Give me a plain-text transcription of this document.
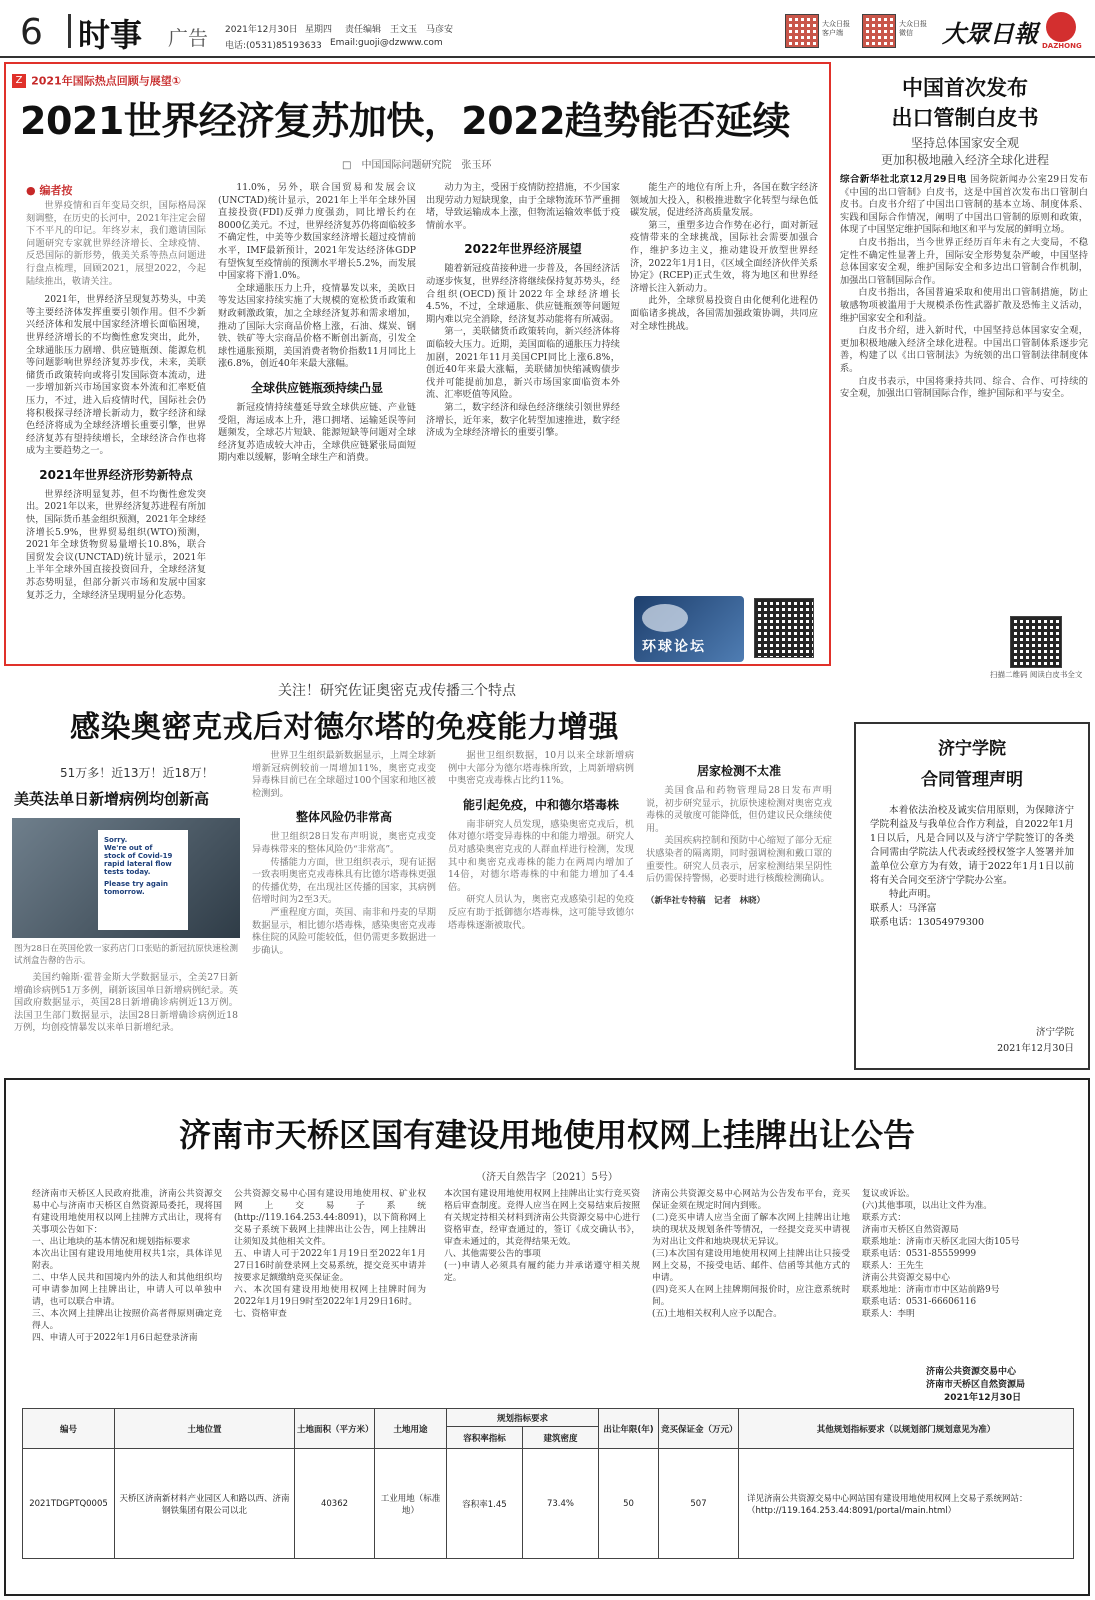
6 时事 广告 2021年12月30日 星期四 责任编辑　王文玉　马彦安
电话:(0531)85193633 Email:guoji@dzwww.com
大众日报 客户端
大众日报 微信	大眾日報 DAZHONG
Z 2021年国际热点回顾与展望①
2021世界经济复苏加快，2022趋势能否延续
□　中国国际问题研究院　张玉环
● 编者按
世界疫情和百年变局交织，国际格局深刻调整，在历史的长河中，2021年注定会留下不平凡的印记。年终岁末，我们邀请国际问题研究专家就世界经济增长、全球疫情、反恐国际的新形势，俄美关系等热点问题进行盘点梳理，回顾2021，展望2022，今起陆续推出，敬请关注。

2021年，世界经济呈现复苏势头，中美等主要经济体发挥重要引领作用。但不少新兴经济体和发展中国家经济增长面临困境，世界经济增长的不均衡性愈发突出，此外，全球通胀压力剧增、供应链瓶颈、能源危机等问题影响世界经济复苏步伐，未来，美联储货币政策转向或将引发国际资本流动，进一步增加新兴市场国家资本外流和汇率贬值压力，不过，进入后疫情时代，国际社会仍将积极探寻经济增长新动力，数字经济和绿色经济将成为全球经济增长重要引擎，世界经济复苏有望持续增长，全球经济合作也将成为主要趋势之一。

2021年世界经济形势新特点

世界经济明显复苏，但不均衡性愈发突出。2021年以来，世界经济复苏进程有所加快，国际货币基金组织预测，2021年全球经济增长5.9%，世界贸易组织(WTO)预测，2021年全球货物贸易量增长10.8%，联合国贸发会议(UNCTAD)统计显示，2021年上半年全球外国直接投资回升，全球经济复苏态势明显，但部分新兴市场和发展中国家复苏乏力，全球经济呈现明显分化态势。

11.0%，另外，联合国贸易和发展会议(UNCTAD)统计显示，2021年上半年全球外国直接投资(FDI)反弹力度强劲，同比增长约在8000亿美元。不过，世界经济复苏仍将面临较多不确定性，中美等少数国家经济增长超过疫情前水平，IMF最新预计，2021年发达经济体GDP有望恢复至疫情前的预测水平增长5.2%，而发展中国家将下滑1.0%。

全球通胀压力上升，疫情暴发以来，美欧日等发达国家持续实施了大规模的宽松货币政策和财政刺激政策，加之全球经济复苏和需求增加，推动了国际大宗商品价格上涨，石油、煤炭、钢铁、铁矿等大宗商品价格不断创出新高，引发全球性通胀预期，美国消费者物价指数11月同比上涨6.8%，创近40年来最大涨幅。

全球供应链瓶颈持续凸显

新冠疫情持续蔓延导致全球供应链、产业链受阻，海运成本上升，港口拥堵、运输延误等问题频发，全球芯片短缺、能源短缺等问题对全球经济复苏造成较大冲击，全球供应链紧张局面短期内难以缓解，影响全球生产和消费。

动力为主，受困于疫情防控措施，不少国家出现劳动力短缺现象，由于全球物流环节严重拥堵，导致运输成本上涨，但物流运输效率低于疫情前水平。

2022年世界经济展望

随着新冠疫苗接种进一步普及，各国经济活动逐步恢复，世界经济将继续保持复苏势头，经合组织(OECD)预计2022年全球经济增长4.5%，不过，全球通胀、供应链瓶颈等问题短期内难以完全消除，经济复苏动能将有所减弱。

第一，美联储货币政策转向，新兴经济体将面临较大压力。近期，美国面临的通胀压力持续加剧，2021年11月美国CPI同比上涨6.8%，创近40年来最大涨幅，美联储加快缩减购债步伐并可能提前加息，新兴市场国家面临资本外流、汇率贬值等风险。

第二，数字经济和绿色经济继续引领世界经济增长，近年来，数字化转型加速推进，数字经济成为全球经济增长的重要引擎。

能生产的地位有所上升，各国在数字经济领域加大投入，积极推进数字化转型与绿色低碳发展，促进经济高质量发展。

第三，重塑多边合作势在必行，面对新冠疫情带来的全球挑战，国际社会需要加强合作，维护多边主义，推动建设开放型世界经济，2022年1月1日，《区域全面经济伙伴关系协定》(RCEP)正式生效，将为地区和世界经济增长注入新动力。

此外，全球贸易投资自由化便利化进程仍面临诸多挑战，各国需加强政策协调，共同应对全球性挑战。

环球论坛
中国首次发布
出口管制白皮书
坚持总体国家安全观
更加积极地融入经济全球化进程
综合新华社北京12月29日电 国务院新闻办公室29日发布《中国的出口管制》白皮书，这是中国首次发布出口管制白皮书。白皮书介绍了中国出口管制的基本立场、制度体系、实践和国际合作情况，阐明了中国出口管制的原则和政策，体现了中国坚定维护国际和地区和平与发展的鲜明立场。

白皮书指出，当今世界正经历百年未有之大变局，不稳定性不确定性显著上升，国际安全形势复杂严峻，中国坚持总体国家安全观，维护国际安全和多边出口管制合作机制，加强出口管制国际合作。

白皮书指出，各国普遍采取和使用出口管制措施，防止敏感物项被滥用于大规模杀伤性武器扩散及恐怖主义活动，维护国家安全和利益。

白皮书介绍，进入新时代，中国坚持总体国家安全观，更加积极地融入经济全球化进程。中国出口管制体系逐步完善，构建了以《出口管制法》为统领的出口管制法律制度体系。

白皮书表示，中国将秉持共同、综合、合作、可持续的安全观，加强出口管制国际合作，维护国际和平与安全。

扫描二维码 阅读白皮书全文
关注！研究佐证奥密克戎传播三个特点
感染奥密克戎后对德尔塔的免疫能力增强
51万多！近13万！近18万！
美英法单日新增病例均创新高
Sorry.
We're out of
stock of Covid-19
rapid lateral flow
tests today.
Please try again
tomorrow.
图为28日在英国伦敦一家药店门口张贴的新冠抗原快速检测试剂盒告罄的告示。

美国约翰斯·霍普金斯大学数据显示，全美27日新增确诊病例51万多例，刷新该国单日新增病例纪录。英国政府数据显示，英国28日新增确诊病例近13万例。法国卫生部门数据显示，法国28日新增确诊病例近18万例，均创疫情暴发以来单日新增纪录。

世界卫生组织最新数据显示，上周全球新增新冠病例较前一周增加11%，奥密克戎变异毒株目前已在全球超过100个国家和地区被检测到。

整体风险仍非常高

世卫组织28日发布声明说，奥密克戎变异毒株带来的整体风险仍“非常高”。

传播能力方面，世卫组织表示，现有证据一致表明奥密克戎毒株具有比德尔塔毒株更强的传播优势，在出现社区传播的国家，其病例倍增时间为2至3天。

严重程度方面，英国、南非和丹麦的早期数据显示，相比德尔塔毒株，感染奥密克戎毒株住院的风险可能较低，但仍需更多数据进一步确认。

据世卫组织数据，10月以来全球新增病例中大部分为德尔塔毒株所致，上周新增病例中奥密克戎毒株占比约11%。

能引起免疫，中和德尔塔毒株

南非研究人员发现，感染奥密克戎后，机体对德尔塔变异毒株的中和能力增强。研究人员对感染奥密克戎的人群血样进行检测，发现其中和奥密克戎毒株的能力在两周内增加了14倍，对德尔塔毒株的中和能力增加了4.4倍。

研究人员认为，奥密克戎感染引起的免疫反应有助于抵御德尔塔毒株，这可能导致德尔塔毒株逐渐被取代。

居家检测不太准

美国食品和药物管理局28日发布声明说，初步研究显示，抗原快速检测对奥密克戎毒株的灵敏度可能降低，但仍建议民众继续使用。

美国疾病控制和预防中心缩短了部分无症状感染者的隔离期，同时强调检测和戴口罩的重要性。研究人员表示，居家检测结果呈阴性后仍需保持警惕，必要时进行核酸检测确认。

（新华社专特稿　记者　林晓）
济宁学院
合同管理声明
本着依法治校及诚实信用原则，为保障济宁学院利益及与我单位合作方利益，自2022年1月1日以后，凡是合同以及与济宁学院签订的各类合同需由学院法人代表或经授权签字人签署并加盖单位公章方为有效，请于2022年1月1日以前将有关合同交至济宁学院办公室。
特此声明。
联系人：马泽富
联系电话：13054979300
济宁学院
2021年12月30日
济南市天桥区国有建设用地使用权网上挂牌出让公告
（济天自然告字〔2021〕5号）
经济南市天桥区人民政府批准，济南公共资源交易中心与济南市天桥区自然资源局委托，现将国有建设用地使用权以网上挂牌方式出让，现将有关事项公告如下：
一、出让地块的基本情况和规划指标要求
本次出让国有建设用地使用权共1宗，具体详见附表。
二、中华人民共和国境内外的法人和其他组织均可申请参加网上挂牌出让，申请人可以单独申请，也可以联合申请。
三、本次网上挂牌出让按照价高者得原则确定竞得人。
四、申请人可于2022年1月6日起登录济南
公共资源交易中心国有建设用地使用权、矿业权网上交易子系统(http://119.164.253.44:8091)，以下简称网上交易子系统下载网上挂牌出让公告，网上挂牌出让须知及其他相关文件。
五、申请人可于2022年1月19日至2022年1月27日16时前登录网上交易系统，提交竞买申请并按要求足额缴纳竞买保证金。
六、本次国有建设用地使用权网上挂牌时间为2022年1月19日9时至2022年1月29日16时。
七、资格审查
本次国有建设用地使用权网上挂牌出让实行竞买资格后审查制度。竞得人应当在网上交易结束后按照有关规定持相关材料到济南公共资源交易中心进行资格审查，经审查通过的，签订《成交确认书》，审查未通过的，其竞得结果无效。
八、其他需要公告的事项
(一)申请人必须具有履约能力并承诺遵守相关规定。
济南公共资源交易中心网站为公告发布平台，竞买保证金须在规定时间内到账。
(二)竞买申请人应当全面了解本次网上挂牌出让地块的现状及规划条件等情况，一经提交竞买申请视为对出让文件和地块现状无异议。
(三)本次国有建设用地使用权网上挂牌出让只接受网上交易，不接受电话、邮件、信函等其他方式的申请。
(四)竞买人在网上挂牌期间报价时，应注意系统时间。
(五)土地相关权利人应予以配合。
复议或诉讼。
(六)其他事项，以出让文件为准。
联系方式：
济南市天桥区自然资源局
联系地址：济南市天桥区北园大街105号
联系电话：0531-85559999
联系人：王先生
济南公共资源交易中心
联系地址：济南市市中区站前路9号
联系电话：0531-66606116
联系人：李明
济南公共资源交易中心
济南市天桥区自然资源局
2021年12月30日
编号	土地位置	土地面积（平方米）	土地用途	规划指标要求		出让年限(年)	竞买保证金（万元）	其他规划指标要求（以规划部门规划意见为准）
				容积率指标	建筑密度			
2021TDGPTQ0005	天桥区济南新材料产业园区人和路以西、济南钢铁集团有限公司以北	40362	工业用地（标准地）	容积率1.45	73.4%	50	507	详见济南公共资源交易中心网站国有建设用地使用权网上交易子系统网站：（http://119.164.253.44:8091/portal/main.html）
